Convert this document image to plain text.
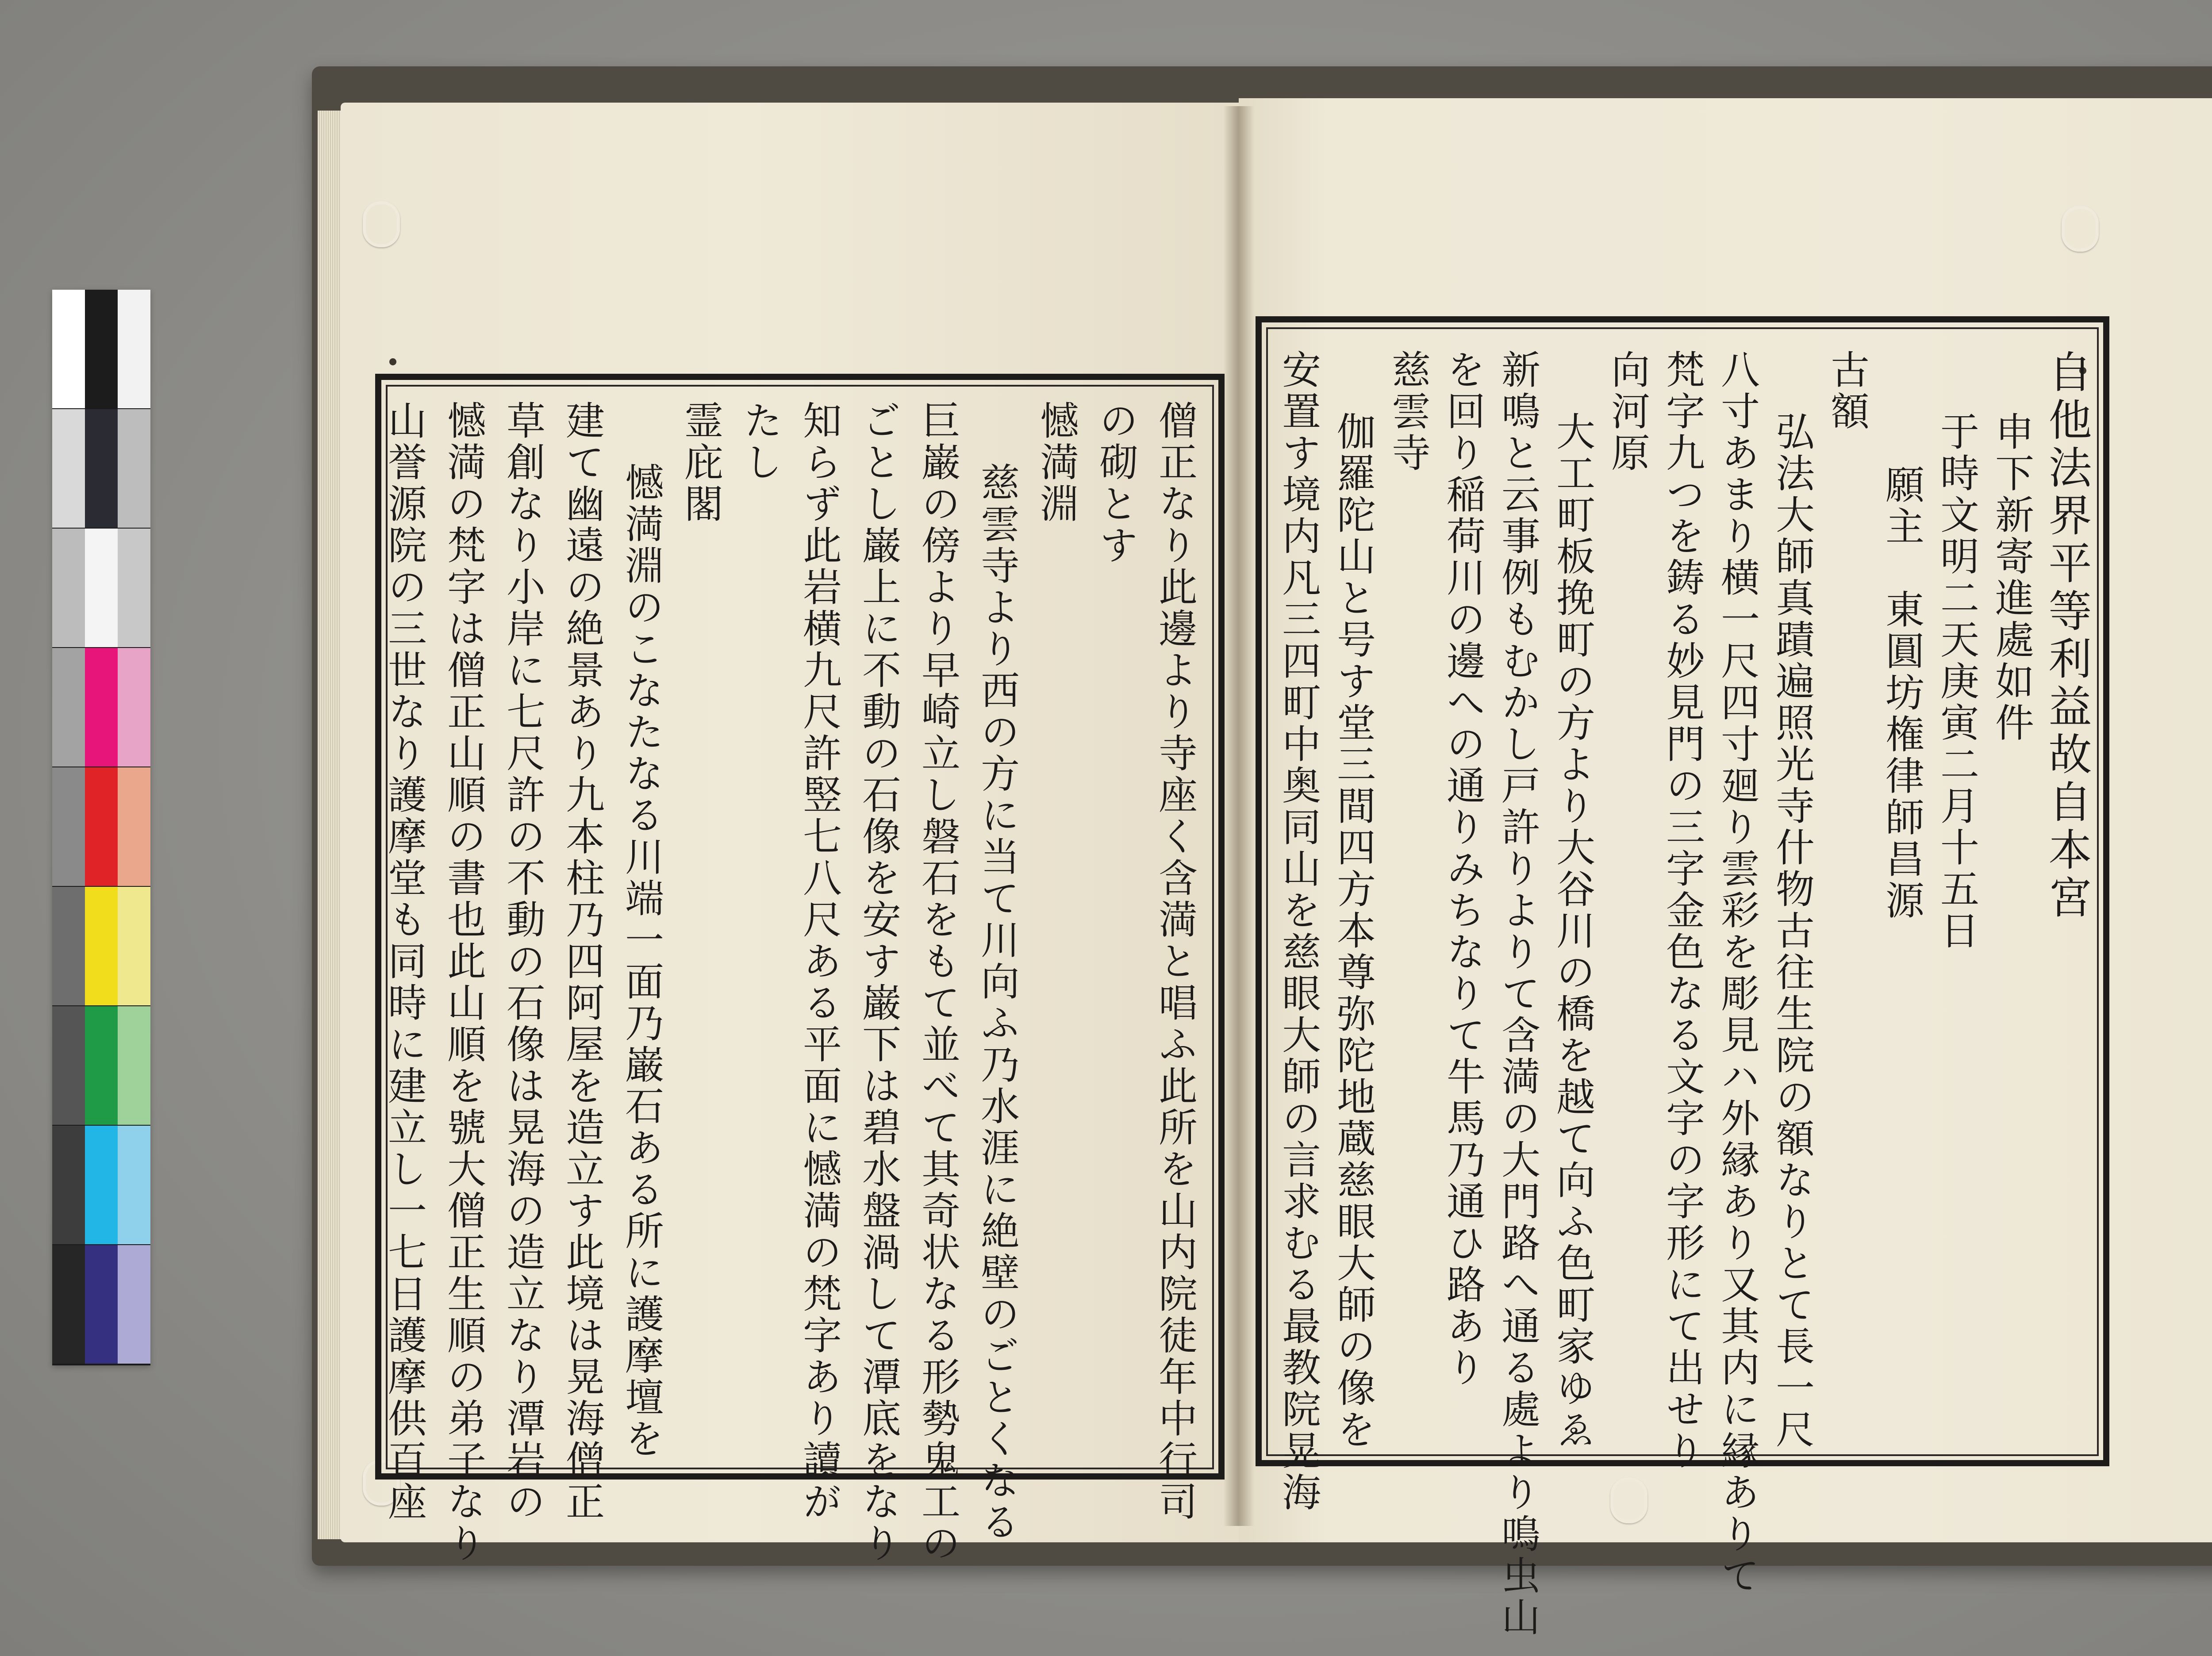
自他法界平等利益故自本宮
申下新寄進處如件
于時文明二天庚寅二月十五日
願主　東圓坊権律師昌源
古額
弘法大師真蹟遍照光寺什物古往生院の額なりとて長一尺
八寸あまり横一尺四寸廻り雲彩を彫見ハ外縁あり又其内に縁ありて
梵字九つを鋳る妙見門の三字金色なる文字の字形にて出せり
向河原
大工町板挽町の方より大谷川の橋を越て向ふ色町家ゆゑ
新鳴と云事例もむかし戸許りよりて含満の大門路へ通る處より鳴虫山
を回り稲荷川の邊への通りみちなりて牛馬乃通ひ路あり
慈雲寺
伽羅陀山と号す堂三間四方本尊弥陀地蔵慈眼大師の像を
安置す境内凡三四町中奥同山を慈眼大師の言求むる最教院晃海
僧正なり此邊より寺座く含満と唱ふ此所を山内院徒年中行司
の砌とす
憾満淵
慈雲寺より西の方に当て川向ふ乃水涯に絶壁のごとくなる
巨巌の傍より早崎立し磐石をもて並べて其奇状なる形勢鬼工の
ごとし巌上に不動の石像を安す巌下は碧水盤渦して潭底をなり
知らず此岩横九尺許竪七八尺ある平面に憾満の梵字あり讀が
たし
霊庇閣
憾満淵のこなたなる川端一面乃巌石ある所に護摩壇を
建て幽遠の絶景あり九本柱乃四阿屋を造立す此境は晃海僧正
草創なり小岸に七尺許の不動の石像は晃海の造立なり潭岩の
憾満の梵字は僧正山順の書也此山順を號大僧正生順の弟子なり
山誉源院の三世なり護摩堂も同時に建立し一七日護摩供百座
